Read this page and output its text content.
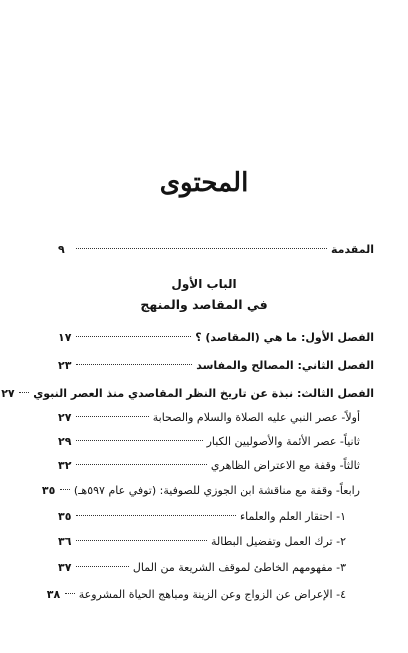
المحتوى
المقدمة
٩
الباب الأول
في المقاصد والمنهج
الفصل الأول: ما هي (المقاصد) ؟
١٧
الفصل الثاني: المصالح والمفاسد
٢٣
الفصل الثالث: نبذة عن تاريخ النظر المقاصدي منذ العصر النبوي
٢٧
أولاً- عصر النبي عليه الصلاة والسلام والصحابة
٢٧
ثانياً- عصر الأئمة والأصوليين الكبار
٢٩
ثالثاً- وقفة مع الاعتراض الظاهري
٣٢
رابعاً- وقفة مع مناقشة ابن الجوزي للصوفية: (توفي عام ٥٩٧هـ)
٣٥
١- احتقار العلم والعلماء
٣٥
٢- ترك العمل وتفضيل البطالة
٣٦
٣- مفهومهم الخاطئ لموقف الشريعة من المال
٣٧
٤- الإعراض عن الزواج وعن الزينة ومباهج الحياة المشروعة
٣٨
